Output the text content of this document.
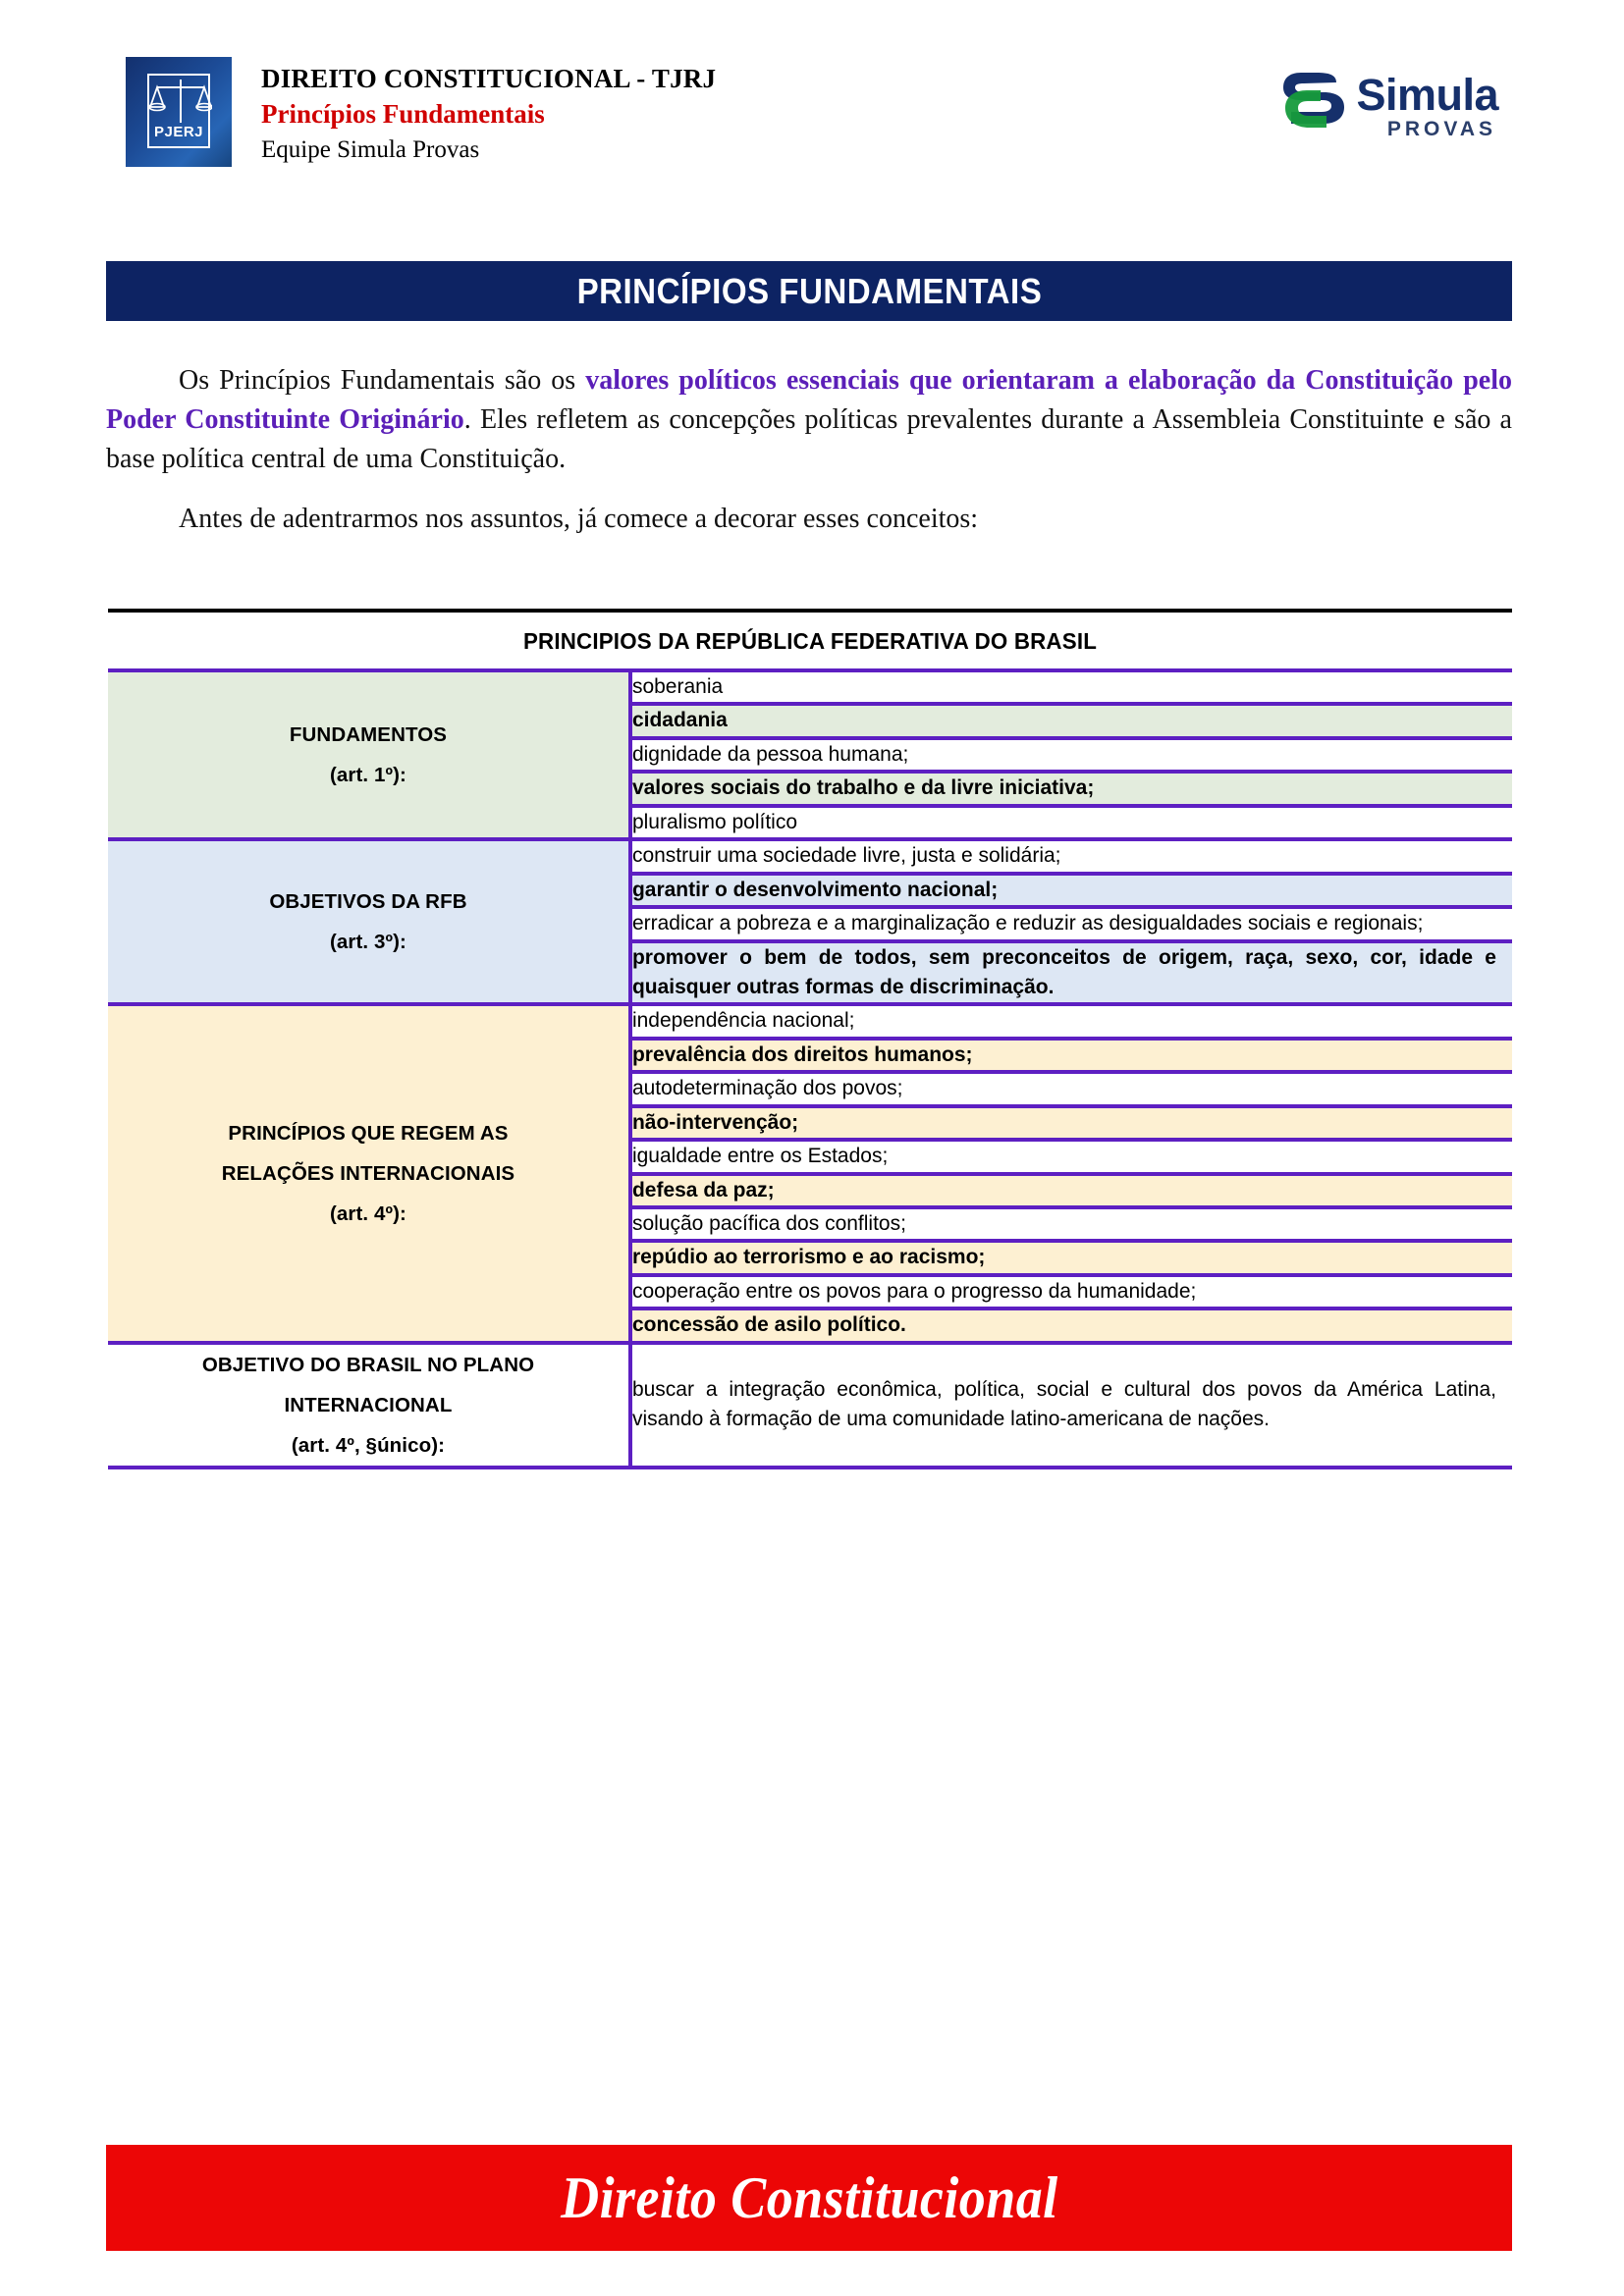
PJERJ
DIREITO CONSTITUCIONAL - TJRJ
Princípios Fundamentais
Equipe Simula Provas
Simula
PROVAS
PRINCÍPIOS FUNDAMENTAIS

Os Princípios Fundamentais são os valores políticos essenciais que orientaram a elaboração da Constituição pelo Poder Constituinte Originário. Eles refletem as concepções políticas prevalentes durante a Assembleia Constituinte e são a base política central de uma Constituição.

Antes de adentrarmos nos assuntos, já comece a decorar esses conceitos:

PRINCIPIOS DA REPÚBLICA FEDERATIVA DO BRASIL
FUNDAMENTOS
(art. 1º):	soberania
	cidadania
	dignidade da pessoa humana;
	valores sociais do trabalho e da livre iniciativa;
	pluralismo político

OBJETIVOS DA RFB
(art. 3º):	construir uma sociedade livre, justa e solidária;
	garantir o desenvolvimento nacional;
	erradicar a pobreza e a marginalização e reduzir as desigualdades sociais e regionais;
	promover o bem de todos, sem preconceitos de origem, raça, sexo, cor, idade e quaisquer outras formas de discriminação.

PRINCÍPIOS QUE REGEM AS
RELAÇÕES INTERNACIONAIS
(art. 4º):	independência nacional;
	prevalência dos direitos humanos;
	autodeterminação dos povos;
	não-intervenção;
	igualdade entre os Estados;
	defesa da paz;
	solução pacífica dos conflitos;
	repúdio ao terrorismo e ao racismo;
	cooperação entre os povos para o progresso da humanidade;
	concessão de asilo político.

OBJETIVO DO BRASIL NO PLANO
INTERNACIONAL
(art. 4º, §único):	buscar a integração econômica, política, social e cultural dos povos da América Latina, visando à formação de uma comunidade latino-americana de nações.
Direito Constitucional
